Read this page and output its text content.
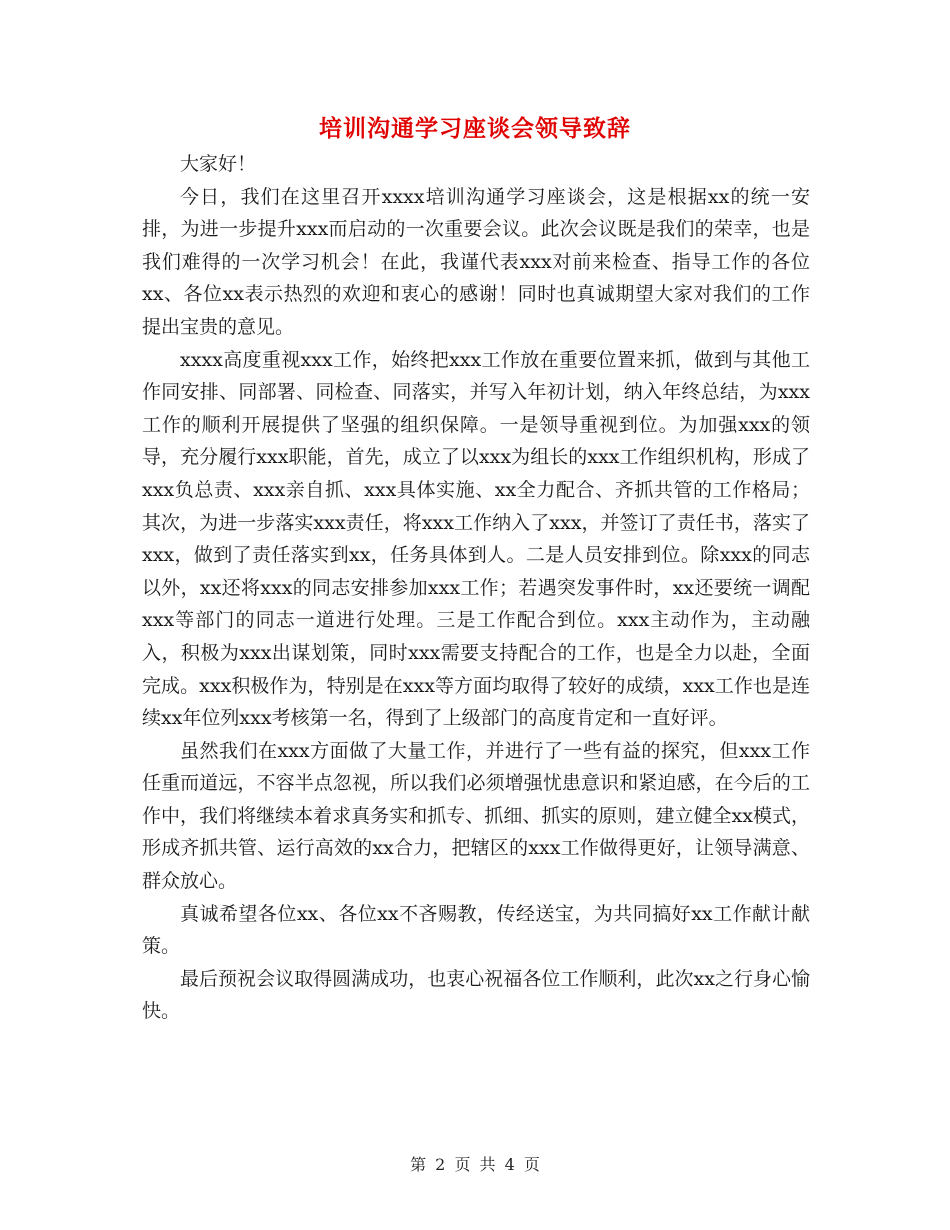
培训沟通学习座谈会领导致辞

大家好！

今日，我们在这里召开xxxx培训沟通学习座谈会，这是根据xx的统一安排，为进一步提升xxx而启动的一次重要会议。此次会议既是我们的荣幸，也是我们难得的一次学习机会！在此，我谨代表xxx对前来检查、指导工作的各位xx、各位xx表示热烈的欢迎和衷心的感谢！同时也真诚期望大家对我们的工作提出宝贵的意见。

xxxx高度重视xxx工作，始终把xxx工作放在重要位置来抓，做到与其他工作同安排、同部署、同检查、同落实，并写入年初计划，纳入年终总结，为xxx工作的顺利开展提供了坚强的组织保障。一是领导重视到位。为加强xxx的领导，充分履行xxx职能，首先，成立了以xxx为组长的xxx工作组织机构，形成了xxx负总责、xxx亲自抓、xxx具体实施、xx全力配合、齐抓共管的工作格局；其次，为进一步落实xxx责任，将xxx工作纳入了xxx，并签订了责任书，落实了xxx，做到了责任落实到xx，任务具体到人。二是人员安排到位。除xxx的同志以外，xx还将xxx的同志安排参加xxx工作；若遇突发事件时，xx还要统一调配xxx等部门的同志一道进行处理。三是工作配合到位。xxx主动作为，主动融入，积极为xxx出谋划策，同时xxx需要支持配合的工作，也是全力以赴，全面完成。xxx积极作为，特别是在xxx等方面均取得了较好的成绩，xxx工作也是连续xx年位列xxx考核第一名，得到了上级部门的高度肯定和一直好评。

虽然我们在xxx方面做了大量工作，并进行了一些有益的探究，但xxx工作任重而道远，不容半点忽视，所以我们必须增强忧患意识和紧迫感，在今后的工作中，我们将继续本着求真务实和抓专、抓细、抓实的原则，建立健全xx模式，形成齐抓共管、运行高效的xx合力，把辖区的xxx工作做得更好，让领导满意、群众放心。

真诚希望各位xx、各位xx不吝赐教，传经送宝，为共同搞好xx工作献计献策。

最后预祝会议取得圆满成功，也衷心祝福各位工作顺利，此次xx之行身心愉快。

第 2 页 共 4 页
